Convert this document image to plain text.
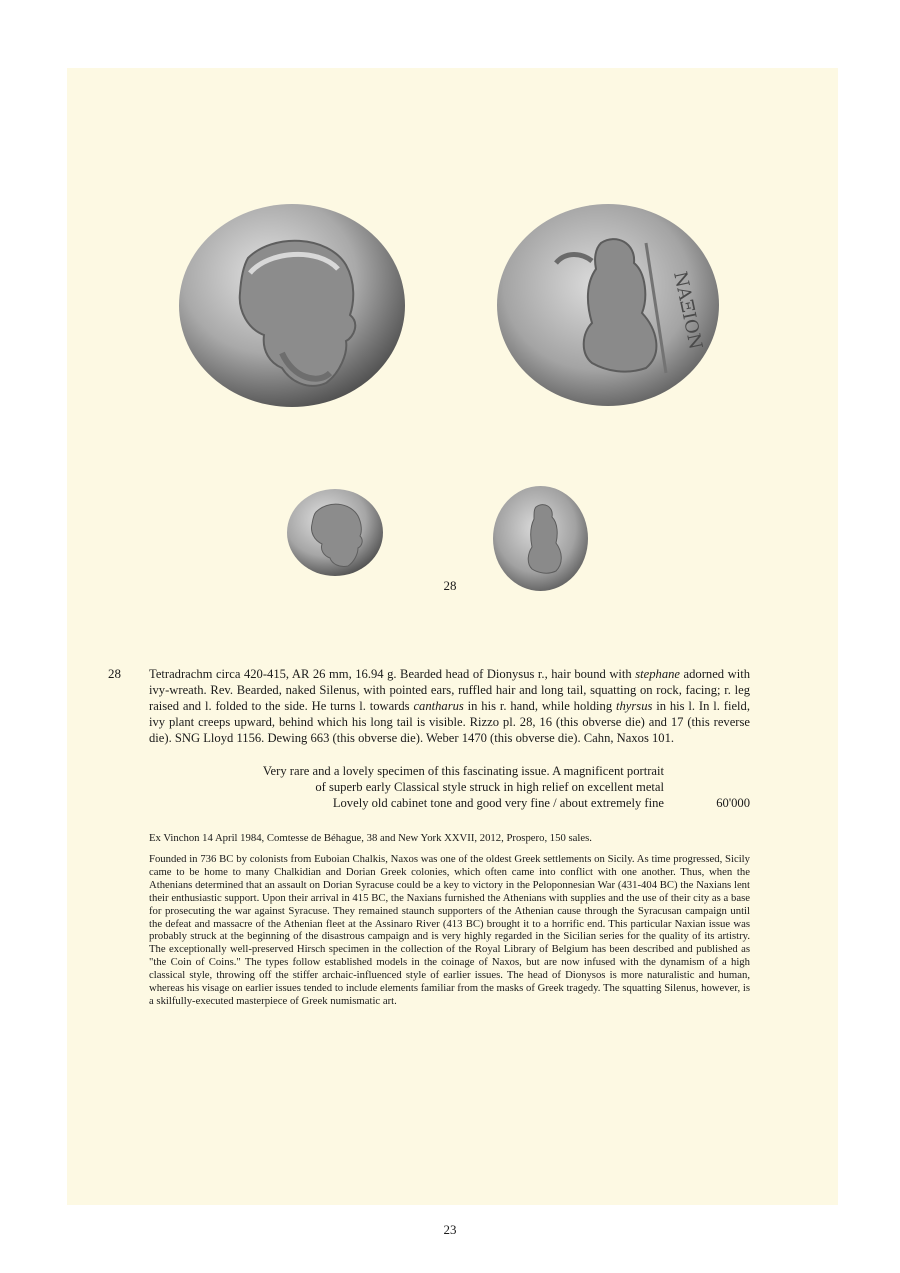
ΝΑΞΙΟΝ
28
28 Tetradrachm circa 420-415, AR 26 mm, 16.94 g. Bearded head of Dionysus r., hair bound with stephane adorned with ivy-wreath. Rev. Bearded, naked Silenus, with pointed ears, ruffled hair and long tail, squatting on rock, facing; r. leg raised and l. folded to the side. He turns l. towards cantharus in his r. hand, while holding thyrsus in his l. In l. field, ivy plant creeps upward, behind which his long tail is visible. Rizzo pl. 28, 16 (this obverse die) and 17 (this reverse die). SNG Lloyd 1156. Dewing 663 (this obverse die). Weber 1470 (this obverse die). Cahn, Naxos 101.
Very rare and a lovely specimen of this fascinating issue. A magnificent portrait
of superb early Classical style struck in high relief on excellent metal
Lovely old cabinet tone and good very fine / about extremely fine	60'000
Ex Vinchon 14 April 1984, Comtesse de Béhague, 38 and New York XXVII, 2012, Prospero, 150 sales.
Founded in 736 BC by colonists from Euboian Chalkis, Naxos was one of the oldest Greek settlements on Sicily. As time progressed, Sicily came to be home to many Chalkidian and Dorian Greek colonies, which often came into conflict with one another. Thus, when the Athenians determined that an assault on Dorian Syracuse could be a key to victory in the Peloponnesian War (431-404 BC) the Naxians lent their enthusiastic support. Upon their arrival in 415 BC, the Naxians furnished the Athenians with supplies and the use of their city as a base for prosecuting the war against Syracuse. They remained staunch supporters of the Athenian cause through the Syracusan campaign until the defeat and massacre of the Athenian fleet at the Assinaro River (413 BC) brought it to a horrific end. This particular Naxian issue was probably struck at the beginning of the disastrous campaign and is very highly regarded in the Sicilian series for the quality of its artistry. The exceptionally well-preserved Hirsch specimen in the collection of the Royal Library of Belgium has been described and published as "the Coin of Coins." The types follow established models in the coinage of Naxos, but are now infused with the dynamism of a high classical style, throwing off the stiffer archaic-influenced style of earlier issues. The head of Dionysos is more naturalistic and human, whereas his visage on earlier issues tended to include elements familiar from the masks of Greek tragedy. The squatting Silenus, however, is a skilfully-executed masterpiece of Greek numismatic art.
23
